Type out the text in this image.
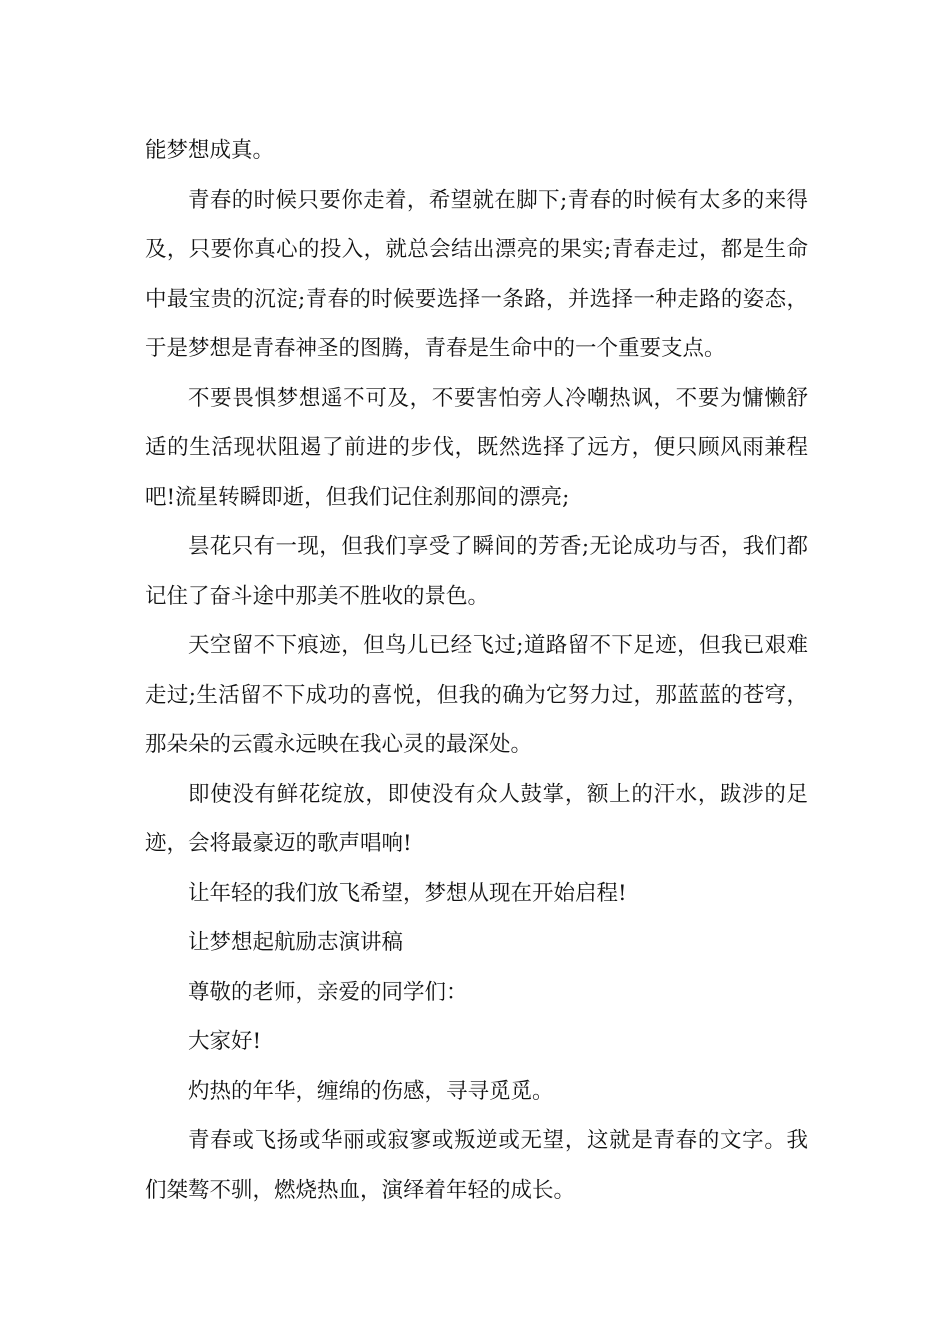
能梦想成真。

青春的时候只要你走着，希望就在脚下;青春的时候有太多的来得及，只要你真心的投入，就总会结出漂亮的果实;青春走过，都是生命中最宝贵的沉淀;青春的时候要选择一条路，并选择一种走路的姿态，于是梦想是青春神圣的图腾，青春是生命中的一个重要支点。

不要畏惧梦想遥不可及，不要害怕旁人冷嘲热讽，不要为慵懒舒适的生活现状阻遏了前进的步伐，既然选择了远方，便只顾风雨兼程吧!流星转瞬即逝，但我们记住刹那间的漂亮;

昙花只有一现，但我们享受了瞬间的芳香;无论成功与否，我们都记住了奋斗途中那美不胜收的景色。

天空留不下痕迹，但鸟儿已经飞过;道路留不下足迹，但我已艰难走过;生活留不下成功的喜悦，但我的确为它努力过，那蓝蓝的苍穹，那朵朵的云霞永远映在我心灵的最深处。

即使没有鲜花绽放，即使没有众人鼓掌，额上的汗水，跋涉的足迹，会将最豪迈的歌声唱响!

让年轻的我们放飞希望，梦想从现在开始启程!

让梦想起航励志演讲稿

尊敬的老师，亲爱的同学们：

大家好!

灼热的年华，缠绵的伤感，寻寻觅觅。

青春或飞扬或华丽或寂寥或叛逆或无望，这就是青春的文字。我们桀骜不驯，燃烧热血，演绎着年轻的成长。
